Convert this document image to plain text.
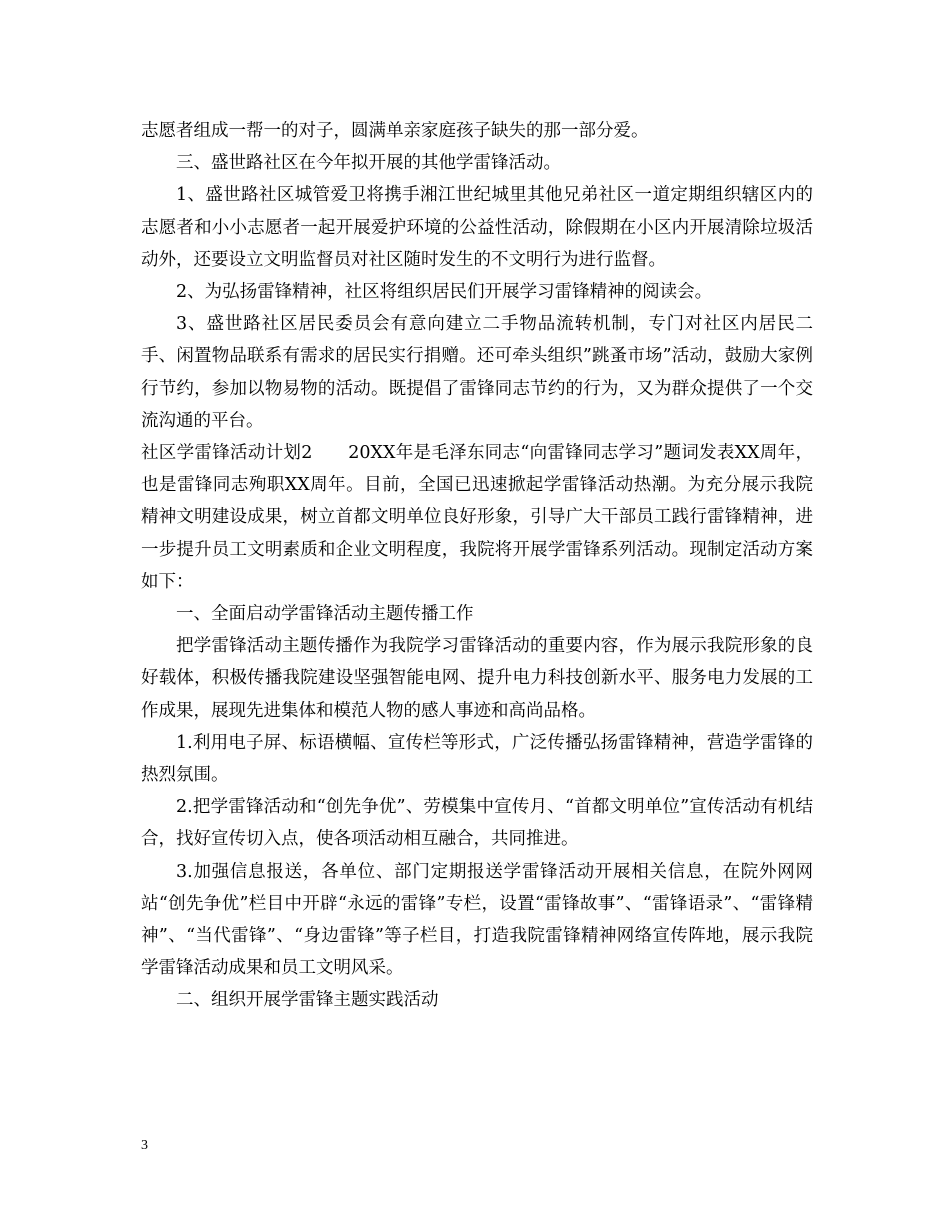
志愿者组成一帮一的对子，圆满单亲家庭孩子缺失的那一部分爱。

三、盛世路社区在今年拟开展的其他学雷锋活动。

1、盛世路社区城管爱卫将携手湘江世纪城里其他兄弟社区一道定期组织辖区内的志愿者和小小志愿者一起开展爱护环境的公益性活动，除假期在小区内开展清除垃圾活动外，还要设立文明监督员对社区随时发生的不文明行为进行监督。

2、为弘扬雷锋精神，社区将组织居民们开展学习雷锋精神的阅读会。

3、盛世路社区居民委员会有意向建立二手物品流转机制，专门对社区内居民二手、闲置物品联系有需求的居民实行捐赠。还可牵头组织”跳蚤市场”活动，鼓励大家例行节约，参加以物易物的活动。既提倡了雷锋同志节约的行为，又为群众提供了一个交流沟通的平台。

社区学雷锋活动计划2　　20XX年是毛泽东同志“向雷锋同志学习”题词发表XX周年，也是雷锋同志殉职XX周年。目前，全国已迅速掀起学雷锋活动热潮。为充分展示我院精神文明建设成果，树立首都文明单位良好形象，引导广大干部员工践行雷锋精神，进一步提升员工文明素质和企业文明程度，我院将开展学雷锋系列活动。现制定活动方案如下：

一、全面启动学雷锋活动主题传播工作

把学雷锋活动主题传播作为我院学习雷锋活动的重要内容，作为展示我院形象的良好载体，积极传播我院建设坚强智能电网、提升电力科技创新水平、服务电力发展的工作成果，展现先进集体和模范人物的感人事迹和高尚品格。

1.利用电子屏、标语横幅、宣传栏等形式，广泛传播弘扬雷锋精神，营造学雷锋的热烈氛围。

2.把学雷锋活动和“创先争优”、劳模集中宣传月、“首都文明单位”宣传活动有机结合，找好宣传切入点，使各项活动相互融合，共同推进。

3.加强信息报送，各单位、部门定期报送学雷锋活动开展相关信息，在院外网网站“创先争优”栏目中开辟“永远的雷锋”专栏，设置“雷锋故事”、“雷锋语录”、“雷锋精神”、“当代雷锋”、“身边雷锋”等子栏目，打造我院雷锋精神网络宣传阵地，展示我院学雷锋活动成果和员工文明风采。

二、组织开展学雷锋主题实践活动

3
